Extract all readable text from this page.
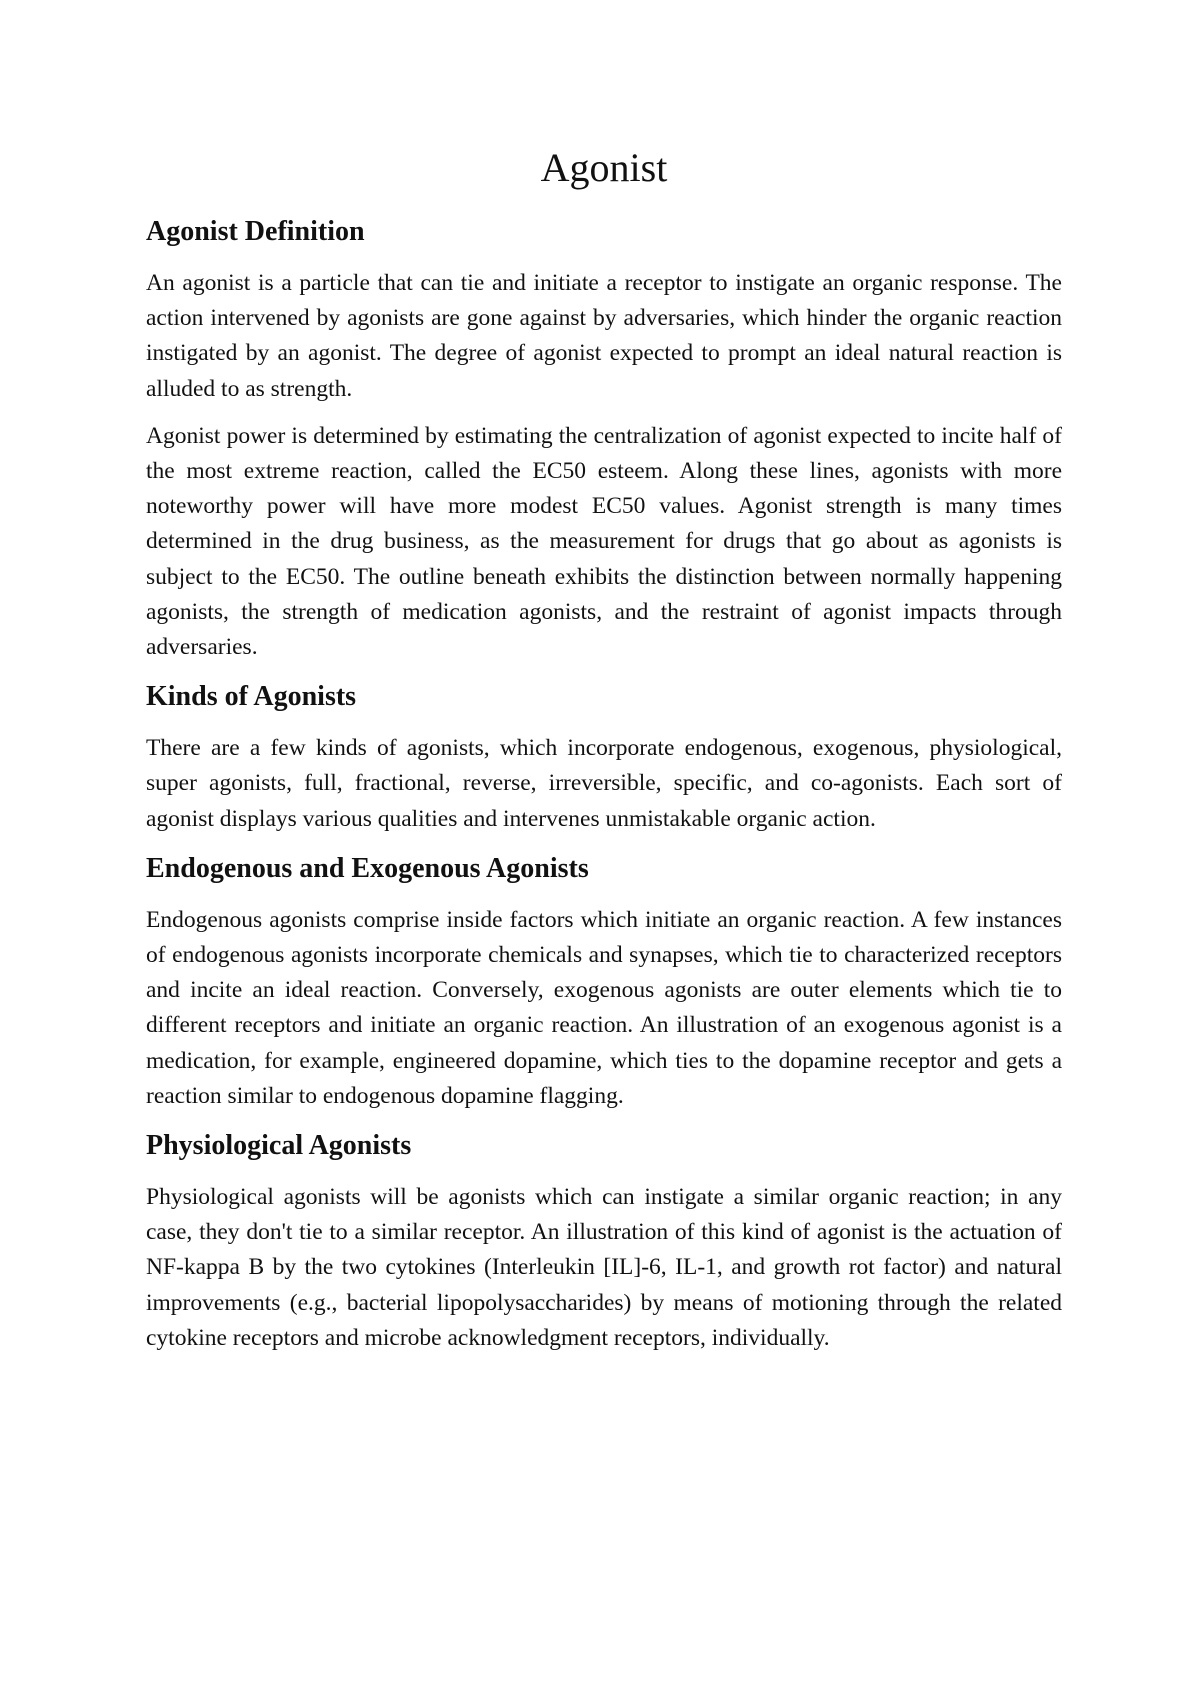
Agonist
Agonist Definition

An agonist is a particle that can tie and initiate a receptor to instigate an organic response. The action intervened by agonists are gone against by adversaries, which hinder the organic reaction instigated by an agonist. The degree of agonist expected to prompt an ideal natural reaction is alluded to as strength.

Agonist power is determined by estimating the centralization of agonist expected to incite half of the most extreme reaction, called the EC50 esteem. Along these lines, agonists with more noteworthy power will have more modest EC50 values. Agonist strength is many times determined in the drug business, as the measurement for drugs that go about as agonists is subject to the EC50. The outline beneath exhibits the distinction between normally happening agonists, the strength of medication agonists, and the restraint of agonist impacts through adversaries.

Kinds of Agonists

There are a few kinds of agonists, which incorporate endogenous, exogenous, physiological, super agonists, full, fractional, reverse, irreversible, specific, and co-agonists. Each sort of agonist displays various qualities and intervenes unmistakable organic action.

Endogenous and Exogenous Agonists

Endogenous agonists comprise inside factors which initiate an organic reaction. A few instances of endogenous agonists incorporate chemicals and synapses, which tie to characterized receptors and incite an ideal reaction. Conversely, exogenous agonists are outer elements which tie to different receptors and initiate an organic reaction. An illustration of an exogenous agonist is a medication, for example, engineered dopamine, which ties to the dopamine receptor and gets a reaction similar to endogenous dopamine flagging.

Physiological Agonists

Physiological agonists will be agonists which can instigate a similar organic reaction; in any case, they don't tie to a similar receptor. An illustration of this kind of agonist is the actuation of NF-kappa B by the two cytokines (Interleukin [IL]-6, IL-1, and growth rot factor) and natural improvements (e.g., bacterial lipopolysaccharides) by means of motioning through the related cytokine receptors and microbe acknowledgment receptors, individually.
